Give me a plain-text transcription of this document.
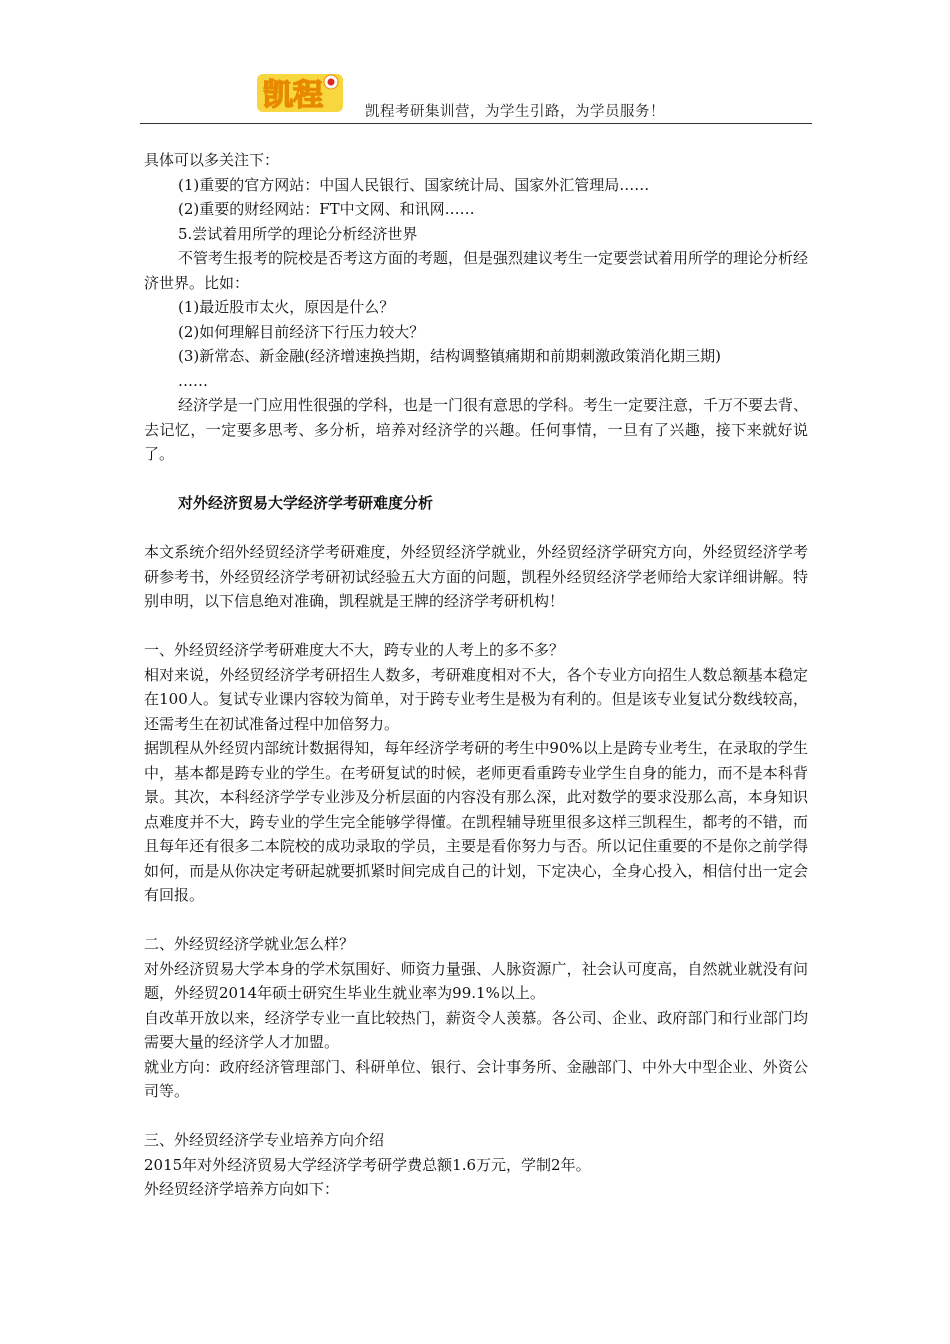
凯程	凯程考研集训营，为学生引路，为学员服务！

具体可以多关注下：

(1)重要的官方网站：中国人民银行、国家统计局、国家外汇管理局……

(2)重要的财经网站：FT中文网、和讯网……

5.尝试着用所学的理论分析经济世界

不管考生报考的院校是否考这方面的考题，但是强烈建议考生一定要尝试着用所学的理论分析经济世界。比如：

(1)最近股市太火，原因是什么？

(2)如何理解目前经济下行压力较大？

(3)新常态、新金融(经济增速换挡期，结构调整镇痛期和前期刺激政策消化期三期)

……

经济学是一门应用性很强的学科，也是一门很有意思的学科。考生一定要注意，千万不要去背、去记忆，一定要多思考、多分析，培养对经济学的兴趣。任何事情，一旦有了兴趣，接下来就好说了。

对外经济贸易大学经济学考研难度分析

本文系统介绍外经贸经济学考研难度，外经贸经济学就业，外经贸经济学研究方向，外经贸经济学考研参考书，外经贸经济学考研初试经验五大方面的问题，凯程外经贸经济学老师给大家详细讲解。特别申明，以下信息绝对准确，凯程就是王牌的经济学考研机构！

一、外经贸经济学考研难度大不大，跨专业的人考上的多不多？

相对来说，外经贸经济学考研招生人数多，考研难度相对不大，各个专业方向招生人数总额基本稳定在100人。复试专业课内容较为简单，对于跨专业考生是极为有利的。但是该专业复试分数线较高，还需考生在初试准备过程中加倍努力。

据凯程从外经贸内部统计数据得知，每年经济学考研的考生中90%以上是跨专业考生，在录取的学生中，基本都是跨专业的学生。在考研复试的时候，老师更看重跨专业学生自身的能力，而不是本科背景。其次，本科经济学学专业涉及分析层面的内容没有那么深，此对数学的要求没那么高，本身知识点难度并不大，跨专业的学生完全能够学得懂。在凯程辅导班里很多这样三凯程生，都考的不错，而且每年还有很多二本院校的成功录取的学员，主要是看你努力与否。所以记住重要的不是你之前学得如何，而是从你决定考研起就要抓紧时间完成自己的计划，下定决心，全身心投入，相信付出一定会有回报。

二、外经贸经济学就业怎么样？

对外经济贸易大学本身的学术氛围好、师资力量强、人脉资源广，社会认可度高，自然就业就没有问题，外经贸2014年硕士研究生毕业生就业率为99.1%以上。

自改革开放以来，经济学专业一直比较热门，薪资令人羡慕。各公司、企业、政府部门和行业部门均需要大量的经济学人才加盟。

就业方向：政府经济管理部门、科研单位、银行、会计事务所、金融部门、中外大中型企业、外资公司等。

三、外经贸经济学专业培养方向介绍

2015年对外经济贸易大学经济学考研学费总额1.6万元，学制2年。

外经贸经济学培养方向如下：
